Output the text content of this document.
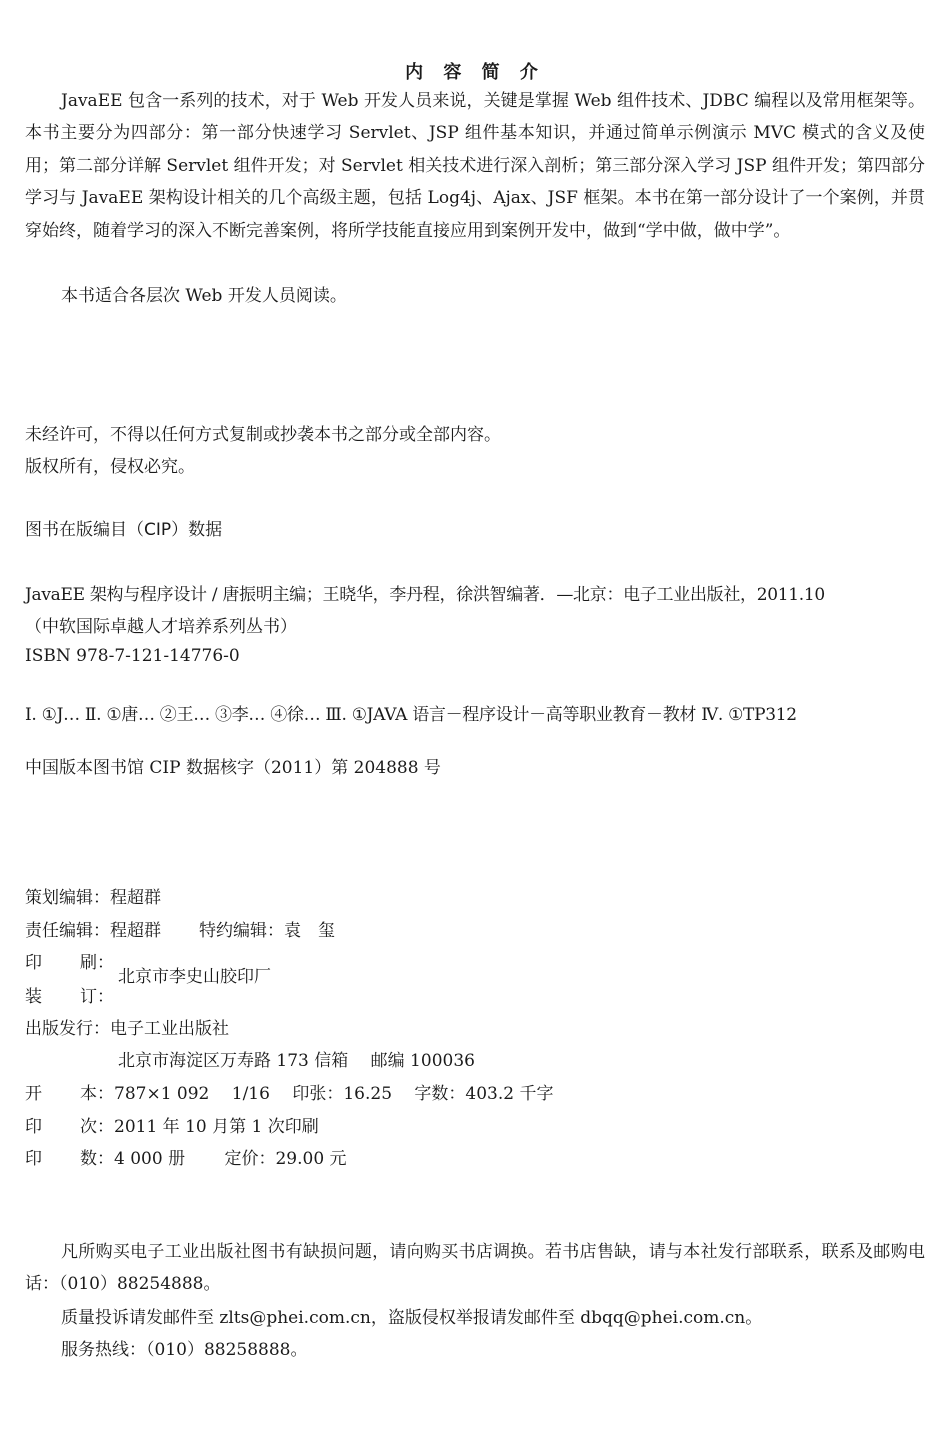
内 容 简 介
JavaEE 包含一系列的技术，对于 Web 开发人员来说，关键是掌握 Web 组件技术、JDBC 编程以及常用框架等。本书主要分为四部分：第一部分快速学习 Servlet、JSP 组件基本知识，并通过简单示例演示 MVC 模式的含义及使用；第二部分详解 Servlet 组件开发；对 Servlet 相关技术进行深入剖析；第三部分深入学习 JSP 组件开发；第四部分学习与 JavaEE 架构设计相关的几个高级主题，包括 Log4j、Ajax、JSF 框架。本书在第一部分设计了一个案例，并贯穿始终，随着学习的深入不断完善案例，将所学技能直接应用到案例开发中，做到“学中做，做中学”。
本书适合各层次 Web 开发人员阅读。
未经许可，不得以任何方式复制或抄袭本书之部分或全部内容。
版权所有，侵权必究。
图书在版编目（CIP）数据
JavaEE 架构与程序设计 / 唐振明主编；王晓华，李丹程，徐洪智编著．—北京：电子工业出版社，2011.10
（中软国际卓越人才培养系列丛书）
ISBN 978-7-121-14776-0
I. ①J… Ⅱ. ①唐… ②王… ③李… ④徐… Ⅲ. ①JAVA 语言－程序设计－高等职业教育－教材 Ⅳ. ①TP312
中国版本图书馆 CIP 数据核字（2011）第 204888 号
策划编辑：程超群
责任编辑：程超群 特约编辑：袁　玺
印 刷：
装 订：
北京市李史山胶印厂
出版发行：电子工业出版社
北京市海淀区万寿路 173 信箱　 邮编 100036
开 本：787×1 092　 1/16　 印张：16.25　 字数：403.2 千字
印 次：2011 年 10 月第 1 次印刷
印 数：4 000 册　　 定价：29.00 元
凡所购买电子工业出版社图书有缺损问题，请向购买书店调换。若书店售缺，请与本社发行部联系，联系及邮购电话：（010）88254888。
质量投诉请发邮件至 zlts@phei.com.cn，盗版侵权举报请发邮件至 dbqq@phei.com.cn。
服务热线：（010）88258888。
